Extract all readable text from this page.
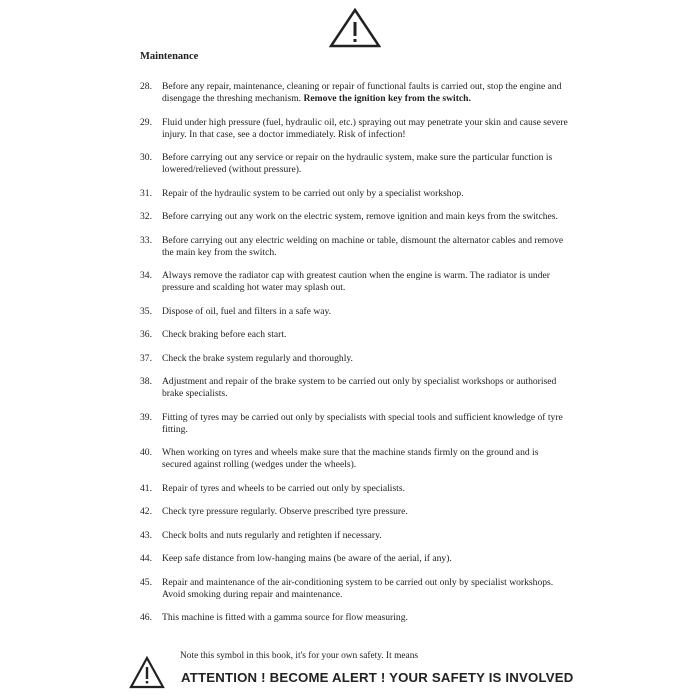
Maintenance
28.	Before any repair, maintenance, cleaning or repair of functional faults is carried out, stop the engine and disengage the threshing mechanism. Remove the ignition key from the switch.
29.	Fluid under high pressure (fuel, hydraulic oil, etc.) spraying out may penetrate your skin and cause severe injury. In that case, see a doctor immediately. Risk of infection!
30.	Before carrying out any service or repair on the hydraulic system, make sure the particular function is lowered/relieved (without pressure).
31.	Repair of the hydraulic system to be carried out only by a specialist workshop.
32.	Before carrying out any work on the electric system, remove ignition and main keys from the switches.
33.	Before carrying out any electric welding on machine or table, dismount the alternator cables and remove the main key from the switch.
34.	Always remove the radiator cap with greatest caution when the engine is warm. The radiator is under pressure and scalding hot water may splash out.
35.	Dispose of oil, fuel and filters in a safe way.
36.	Check braking before each start.
37.	Check the brake system regularly and thoroughly.
38.	Adjustment and repair of the brake system to be carried out only by specialist workshops or authorised brake specialists.
39.	Fitting of tyres may be carried out only by specialists with special tools and sufficient knowledge of tyre fitting.
40.	When working on tyres and wheels make sure that the machine stands firmly on the ground and is secured against rolling (wedges under the wheels).
41.	Repair of tyres and wheels to be carried out only by specialists.
42.	Check tyre pressure regularly. Observe prescribed tyre pressure.
43.	Check bolts and nuts regularly and retighten if necessary.
44.	Keep safe distance from low-hanging mains (be aware of the aerial, if any).
45.	Repair and maintenance of the air-conditioning system to be carried out only by specialist workshops. Avoid smoking during repair and maintenance.
46.	This machine is fitted with a gamma source for flow measuring.
Note this symbol in this book, it's for your own safety. It means
ATTENTION ! BECOME ALERT ! YOUR SAFETY IS INVOLVED
